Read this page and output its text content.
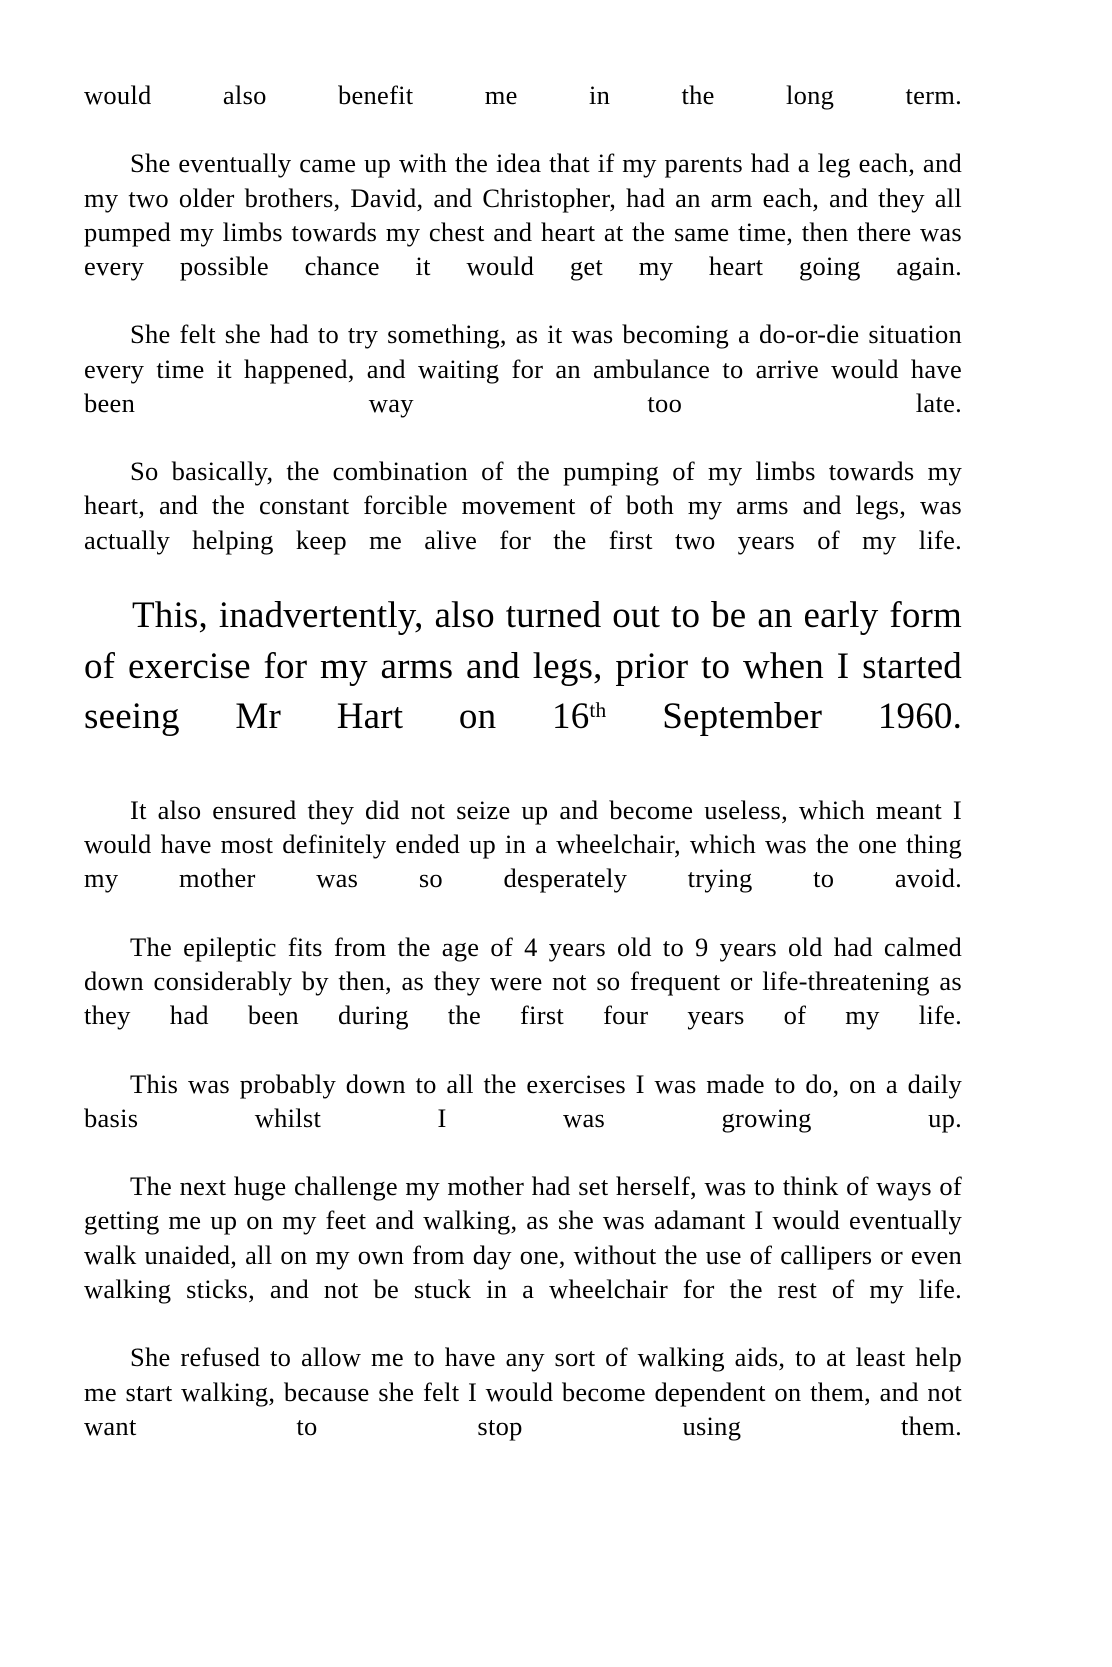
would also benefit me in the long term.

She eventually came up with the idea that if my parents had a leg each, and my two older brothers, David, and Christopher, had an arm each, and they all pumped my limbs towards my chest and heart at the same time, then there was every possible chance it would get my heart going again.

She felt she had to try something, as it was becoming a do-or-die situation every time it happened, and waiting for an ambulance to arrive would have been way too late.

So basically, the combination of the pumping of my limbs towards my heart, and the constant forcible movement of both my arms and legs, was actually helping keep me alive for the first two years of my life.

This, inadvertently, also turned out to be an early form of exercise for my arms and legs, prior to when I started seeing Mr Hart on 16th September 1960.

It also ensured they did not seize up and become useless, which meant I would have most definitely ended up in a wheelchair, which was the one thing my mother was so desperately trying to avoid.

The epileptic fits from the age of 4 years old to 9 years old had calmed down considerably by then, as they were not so frequent or life-threatening as they had been during the first four years of my life.

This was probably down to all the exercises I was made to do, on a daily basis whilst I was growing up.

The next huge challenge my mother had set herself, was to think of ways of getting me up on my feet and walking, as she was adamant I would eventually walk unaided, all on my own from day one, without the use of callipers or even walking sticks, and not be stuck in a wheelchair for the rest of my life.

She refused to allow me to have any sort of walking aids, to at least help me start walking, because she felt I would become dependent on them, and not want to stop using them.
